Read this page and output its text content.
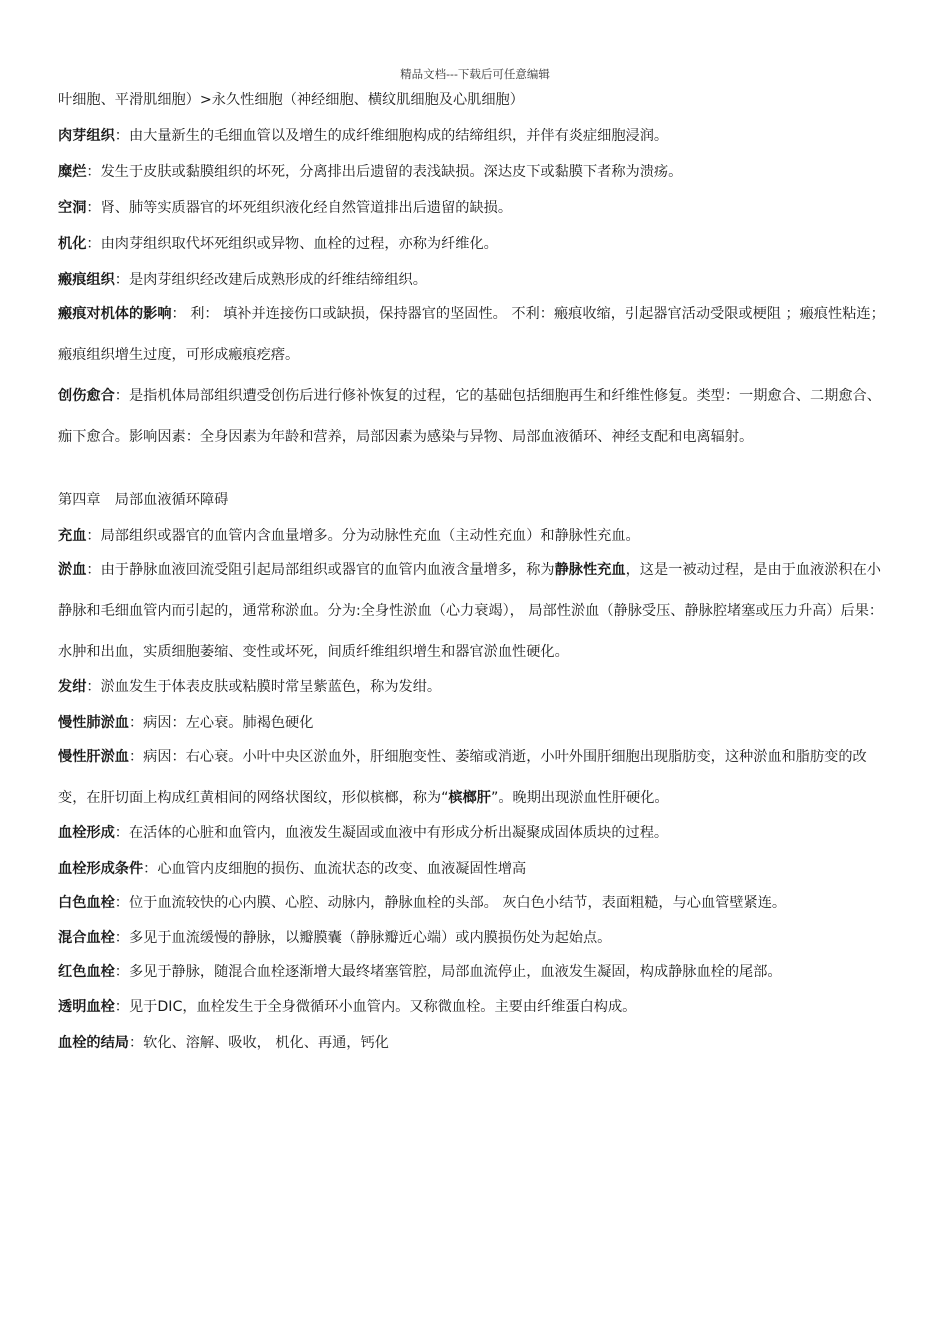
精品文档---下载后可任意编辑

叶细胞、平滑肌细胞）>永久性细胞（神经细胞、横纹肌细胞及心肌细胞）

肉芽组织：由大量新生的毛细血管以及增生的成纤维细胞构成的结缔组织，并伴有炎症细胞浸润。

糜烂：发生于皮肤或黏膜组织的坏死，分离排出后遗留的表浅缺损。深达皮下或黏膜下者称为溃疡。

空洞：肾、肺等实质器官的坏死组织液化经自然管道排出后遗留的缺损。

机化：由肉芽组织取代坏死组织或异物、血栓的过程，亦称为纤维化。

瘢痕组织：是肉芽组织经改建后成熟形成的纤维结缔组织。

瘢痕对机体的影响： 利： 填补并连接伤口或缺损，保持器官的坚固性。 不利：瘢痕收缩，引起器官活动受限或梗阻 ；瘢痕性粘连；瘢痕组织增生过度，可形成瘢痕疙瘩。

创伤愈合：是指机体局部组织遭受创伤后进行修补恢复的过程，它的基础包括细胞再生和纤维性修复。类型：一期愈合、二期愈合、痂下愈合。影响因素：全身因素为年龄和营养，局部因素为感染与异物、局部血液循环、神经支配和电离辐射。

第四章　局部血液循环障碍

充血：局部组织或器官的血管内含血量增多。分为动脉性充血（主动性充血）和静脉性充血。

淤血：由于静脉血液回流受阻引起局部组织或器官的血管内血液含量增多，称为静脉性充血，这是一被动过程，是由于血液淤积在小静脉和毛细血管内而引起的，通常称淤血。分为:全身性淤血（心力衰竭）， 局部性淤血（静脉受压、静脉腔堵塞或压力升高）后果：水肿和出血，实质细胞萎缩、变性或坏死，间质纤维组织增生和器官淤血性硬化。

发绀：淤血发生于体表皮肤或粘膜时常呈紫蓝色，称为发绀。

慢性肺淤血：病因：左心衰。肺褐色硬化

慢性肝淤血：病因：右心衰。小叶中央区淤血外，肝细胞变性、萎缩或消逝，小叶外围肝细胞出现脂肪变，这种淤血和脂肪变的改变，在肝切面上构成红黄相间的网络状图纹，形似槟榔，称为“槟榔肝”。晚期出现淤血性肝硬化。

血栓形成：在活体的心脏和血管内，血液发生凝固或血液中有形成分析出凝聚成固体质块的过程。

血栓形成条件：心血管内皮细胞的损伤、血流状态的改变、血液凝固性增高

白色血栓：位于血流较快的心内膜、心腔、动脉内，静脉血栓的头部。 灰白色小结节，表面粗糙，与心血管壁紧连。

混合血栓：多见于血流缓慢的静脉，以瓣膜囊（静脉瓣近心端）或内膜损伤处为起始点。

红色血栓：多见于静脉，随混合血栓逐渐增大最终堵塞管腔，局部血流停止，血液发生凝固，构成静脉血栓的尾部。

透明血栓：见于DIC，血栓发生于全身微循环小血管内。又称微血栓。主要由纤维蛋白构成。

血栓的结局：软化、溶解、吸收， 机化、再通，钙化
